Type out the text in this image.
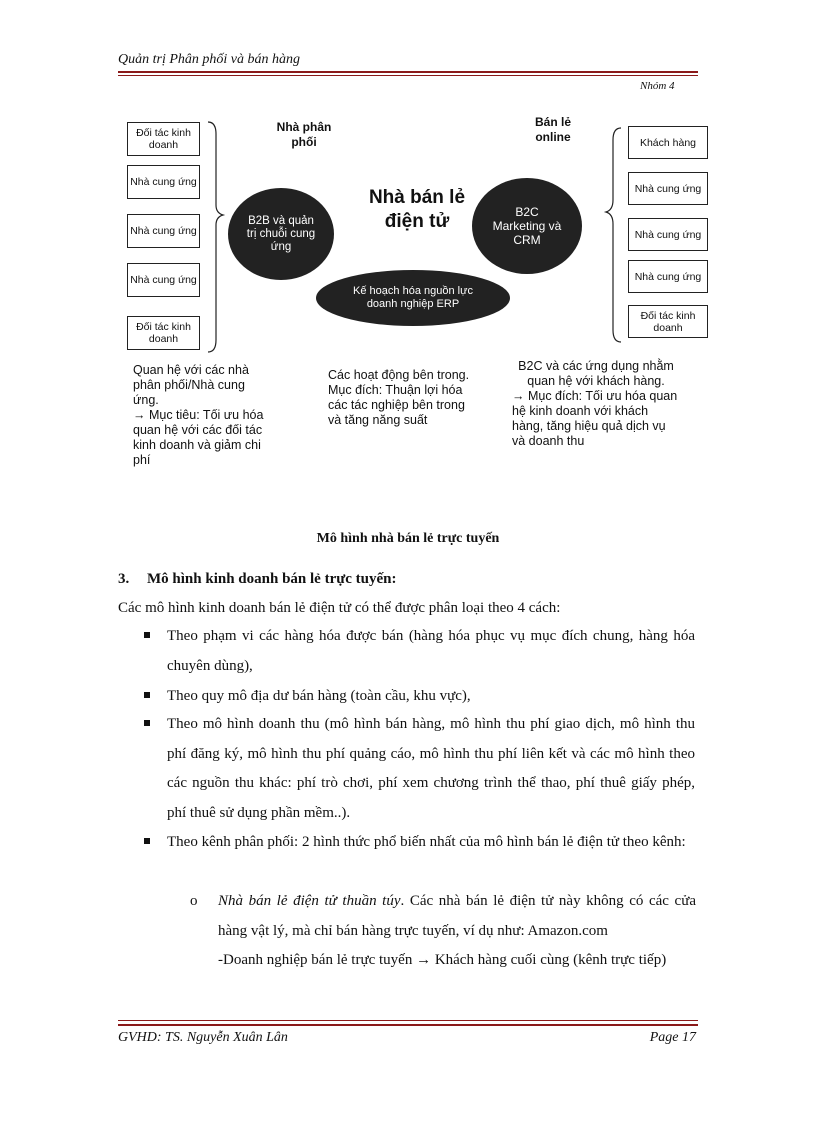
Quản trị Phân phối và bán hàng
Nhóm 4
Đối tác kinh doanh
Nhà cung ứng
Nhà cung ứng
Nhà cung ứng
Đối tác kinh doanh
Khách hàng
Nhà cung ứng
Nhà cung ứng
Nhà cung ứng
Đối tác kinh doanh
Nhà phân phối
Bán lẻ online
B2B và quản trị chuỗi cung ứng
B2C Marketing và CRM
Kế hoạch hóa nguồn lực doanh nghiệp ERP
Nhà bán lẻ điện tử
Quan hệ với các nhà phân phối/Nhà cung ứng.
→ Mục tiêu: Tối ưu hóa quan hệ với các đối tác kinh doanh và giảm chi phí
Các hoạt động bên trong. Mục đích: Thuận lợi hóa các tác nghiệp bên trong và tăng năng suất
B2C và các ứng dụng nhằm quan hệ với khách hàng.
→ Mục đích: Tối ưu hóa quan hệ kinh doanh với khách hàng, tăng hiệu quả dịch vụ và doanh thu
Mô hình nhà bán lẻ trực tuyến
3. Mô hình kinh doanh bán lẻ trực tuyến:
Các mô hình kinh doanh bán lẻ điện tử có thể được phân loại theo 4 cách:
Theo phạm vi các hàng hóa được bán (hàng hóa phục vụ mục đích chung, hàng hóa chuyên dùng),
Theo quy mô địa dư bán hàng (toàn cầu, khu vực),
Theo mô hình doanh thu (mô hình bán hàng, mô hình thu phí giao dịch, mô hình thu phí đăng ký, mô hình thu phí quảng cáo, mô hình thu phí liên kết và các mô hình theo các nguồn thu khác: phí trò chơi, phí xem chương trình thể thao, phí thuê giấy phép, phí thuê sử dụng phần mềm..).
Theo kênh phân phối: 2 hình thức phổ biến nhất của mô hình bán lẻ điện tử theo kênh:
o Nhà bán lẻ điện tử thuần túy. Các nhà bán lẻ điện tử này không có các cửa hàng vật lý, mà chỉ bán hàng trực tuyến, ví dụ như: Amazon.com
-Doanh nghiệp bán lẻ trực tuyến → Khách hàng cuối cùng (kênh trực tiếp)
GVHD: TS. Nguyễn Xuân Lân	Page 17
